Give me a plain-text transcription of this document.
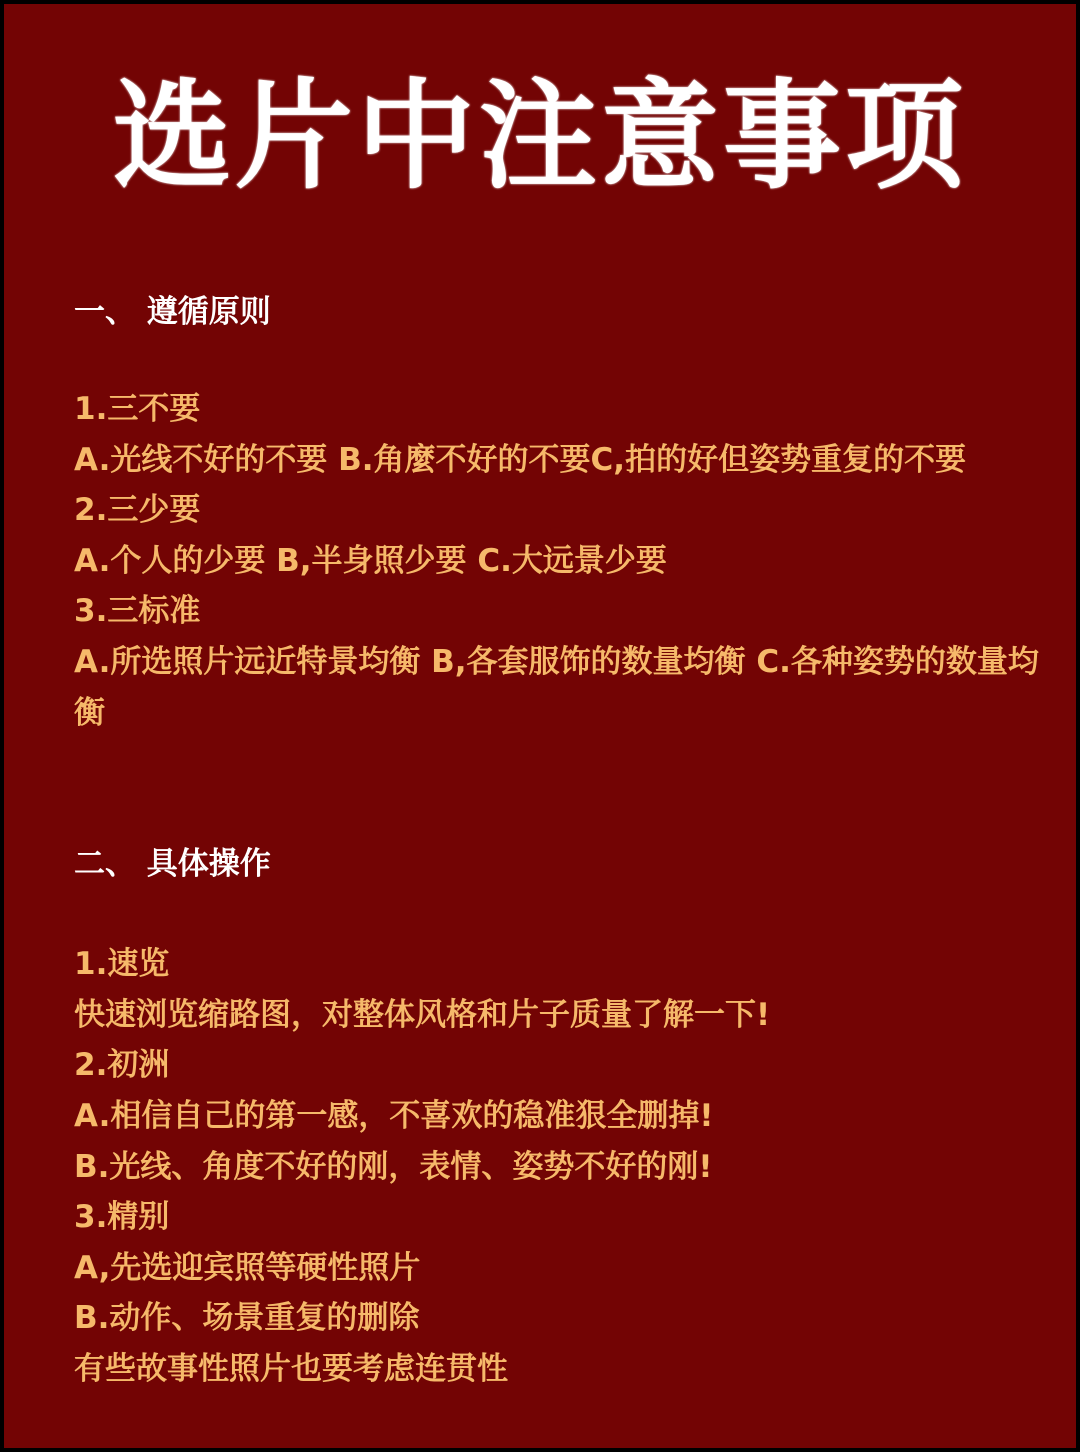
选片中注意事项
一、 遵循原则
1.三不要
A.光线不好的不要 B.角麼不好的不要C,拍的好但姿势重复的不要
2.三少要
A.个人的少要 B,半身照少要 C.大远景少要
3.三标准
A.所选照片远近特景均衡 B,各套服饰的数量均衡 C.各种姿势的数量均衡
二、 具体操作
1.速览
快速浏览缩路图，对整体风格和片子质量了解一下!
2.初洲
A.相信自己的第一感，不喜欢的稳准狠全删掉!
B.光线、角度不好的刚，表情、姿势不好的刚!
3.精别
A,先选迎宾照等硬性照片
B.动作、场景重复的删除
有些故事性照片也要考虑连贯性
